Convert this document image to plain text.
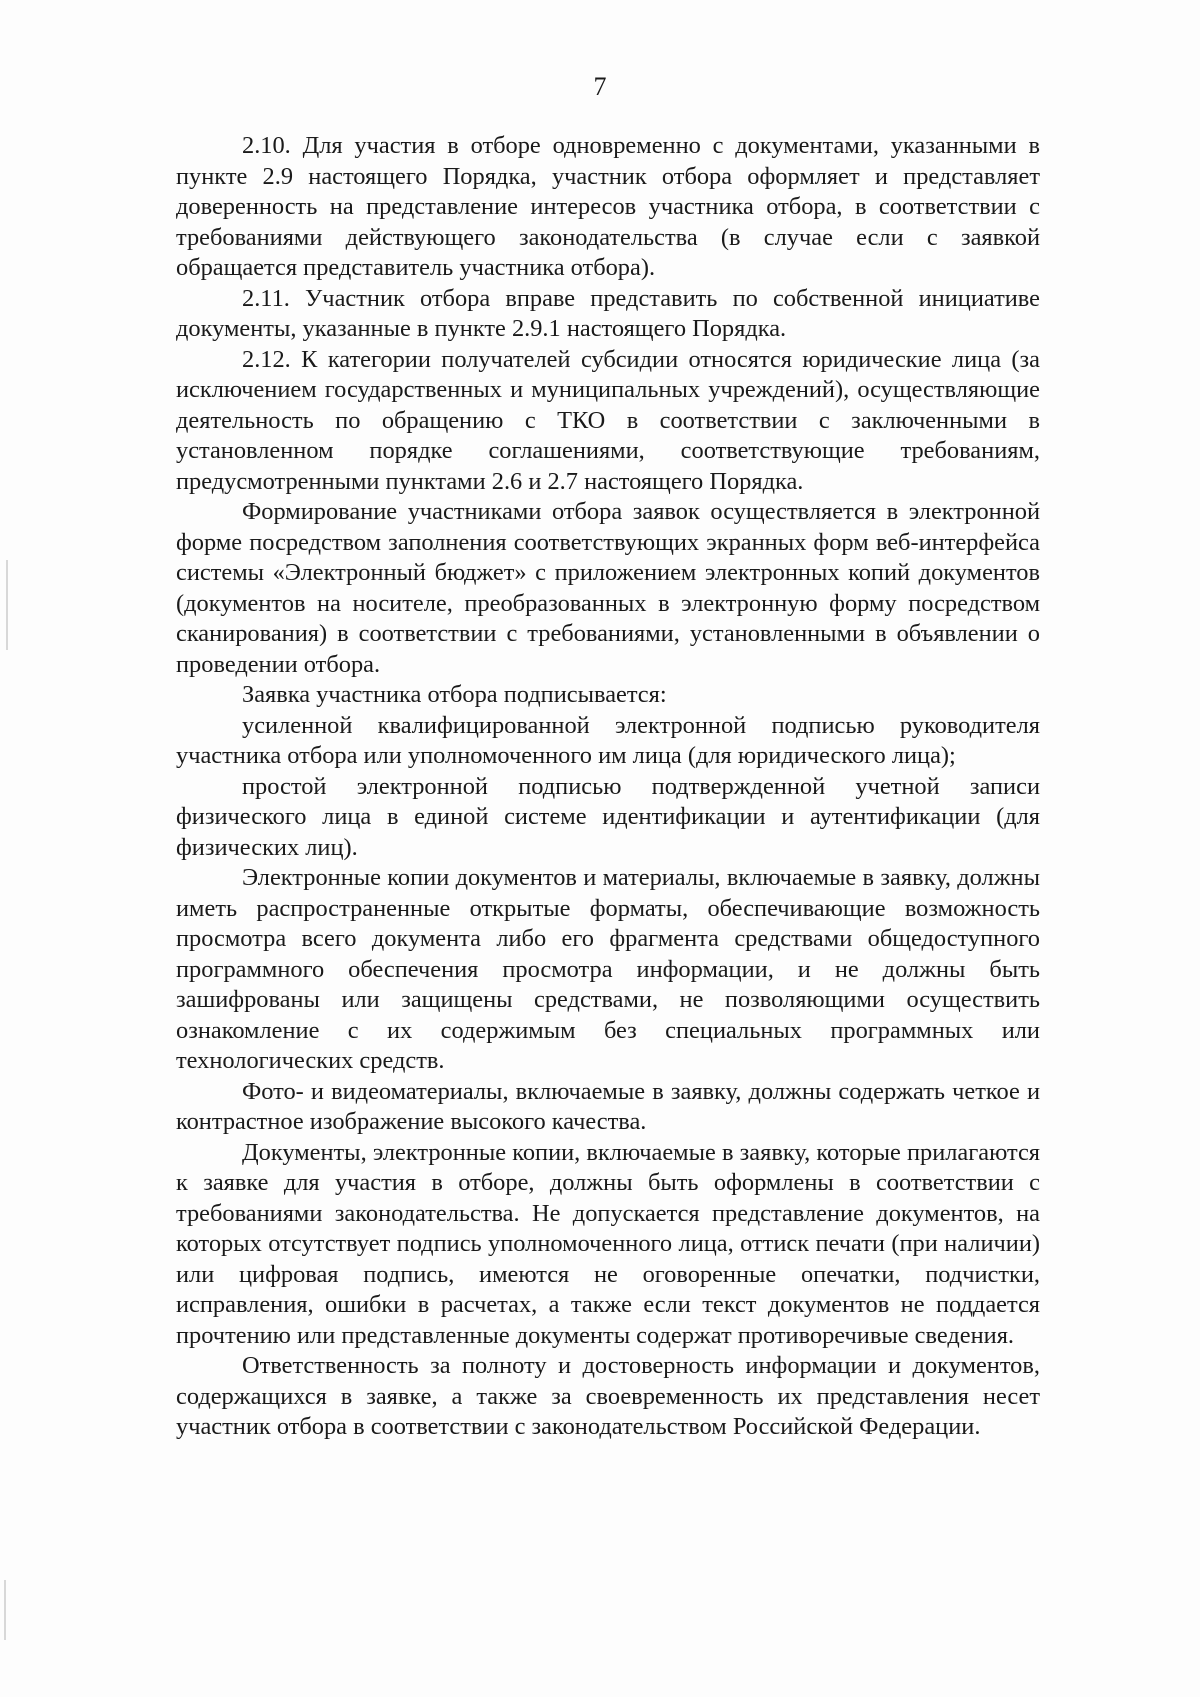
7

2.10. Для участия в отборе одновременно с документами, указанными в пункте 2.9 настоящего Порядка, участник отбора оформляет и представляет доверенность на представление интересов участника отбора, в соответствии с требованиями действующего законодательства (в случае если с заявкой обращается представитель участника отбора).

2.11. Участник отбора вправе представить по собственной инициативе документы, указанные в пункте 2.9.1 настоящего Порядка.

2.12. К категории получателей субсидии относятся юридические лица (за исключением государственных и муниципальных учреждений), осуществляющие деятельность по обращению с ТКО в соответствии с заключенными в установленном порядке соглашениями, соответствующие требованиям, предусмотренными пунктами 2.6 и 2.7 настоящего Порядка.

Формирование участниками отбора заявок осуществляется в электронной форме посредством заполнения соответствующих экранных форм веб-интерфейса системы «Электронный бюджет» с приложением электронных копий документов (документов на носителе, преобразованных в электронную форму посредством сканирования) в соответствии с требованиями, установленными в объявлении о проведении отбора.

Заявка участника отбора подписывается:

усиленной квалифицированной электронной подписью руководителя участника отбора или уполномоченного им лица (для юридического лица);

простой электронной подписью подтвержденной учетной записи физического лица в единой системе идентификации и аутентификации (для физических лиц).

Электронные копии документов и материалы, включаемые в заявку, должны иметь распространенные открытые форматы, обеспечивающие возможность просмотра всего документа либо его фрагмента средствами общедоступного программного обеспечения просмотра информации, и не должны быть зашифрованы или защищены средствами, не позволяющими осуществить ознакомление с их содержимым без специальных программных или технологических средств.

Фото- и видеоматериалы, включаемые в заявку, должны содержать четкое и контрастное изображение высокого качества.

Документы, электронные копии, включаемые в заявку, которые прилагаются к заявке для участия в отборе, должны быть оформлены в соответствии с требованиями законодательства. Не допускается представление документов, на которых отсутствует подпись уполномоченного лица, оттиск печати (при наличии) или цифровая подпись, имеются не оговоренные опечатки, подчистки, исправления, ошибки в расчетах, а также если текст документов не поддается прочтению или представленные документы содержат противоречивые сведения.

Ответственность за полноту и достоверность информации и документов, содержащихся в заявке, а также за своевременность их представления несет участник отбора в соответствии с законодательством Российской Федерации.
